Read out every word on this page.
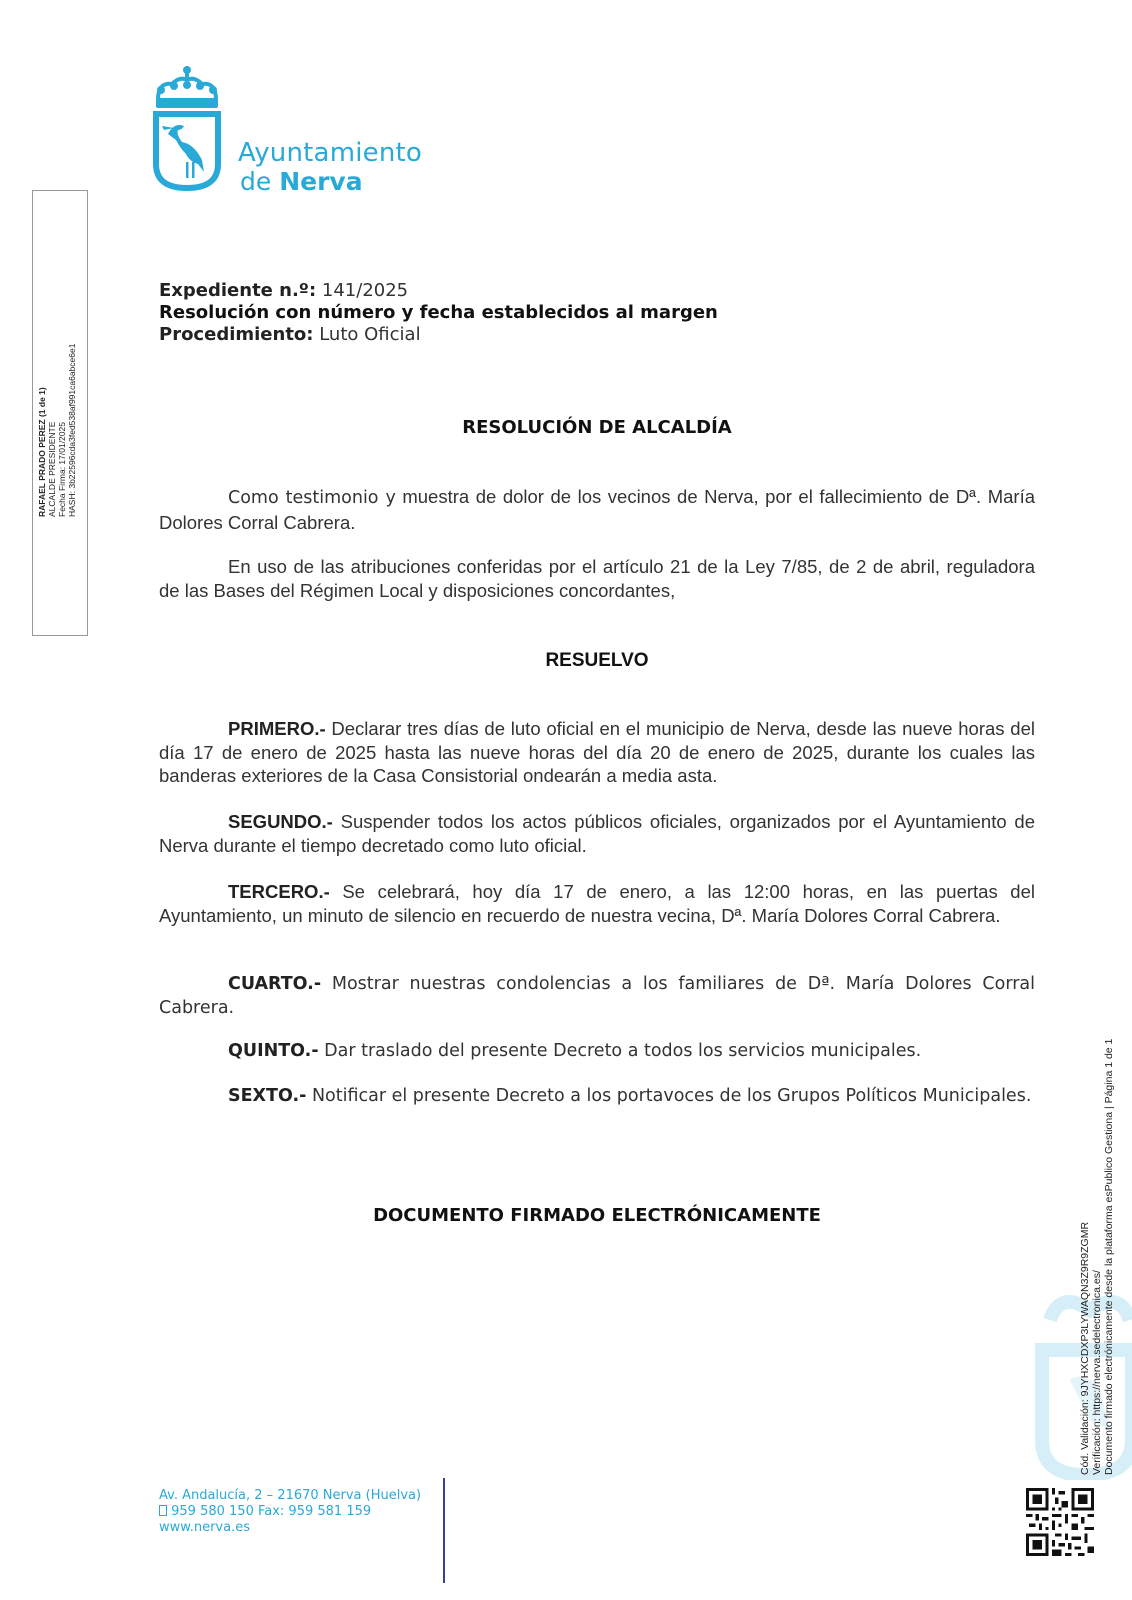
Ayuntamiento
de Nerva
RAFAEL PRADO PEREZ (1 de 1) ALCALDE PRESIDENTE Fecha Firma: 17/01/2025 HASH: 3b22596cda3fed538af991ca6abce6e1
Expediente n.º: 141/2025
Resolución con número y fecha establecidos al margen
Procedimiento: Luto Oficial
RESOLUCIÓN DE ALCALDÍA
Como testimonio y muestra de dolor de los vecinos de Nerva, por el fallecimiento de Dª. María Dolores Corral Cabrera.
En uso de las atribuciones conferidas por el artículo 21 de la Ley 7/85, de 2 de abril, reguladora de las Bases del Régimen Local y disposiciones concordantes,
RESUELVO
PRIMERO.- Declarar tres días de luto oficial en el municipio de Nerva, desde las nueve horas del día 17 de enero de 2025 hasta las nueve horas del día 20 de enero de 2025, durante los cuales las banderas exteriores de la Casa Consistorial ondearán a media asta.
SEGUNDO.- Suspender todos los actos públicos oficiales, organizados por el Ayuntamiento de Nerva durante el tiempo decretado como luto oficial.
TERCERO.- Se celebrará, hoy día 17 de enero, a las 12:00 horas, en las puertas del Ayuntamiento, un minuto de silencio en recuerdo de nuestra vecina, Dª. María Dolores Corral Cabrera.
CUARTO.- Mostrar nuestras condolencias a los familiares de Dª. María Dolores Corral Cabrera.
QUINTO.- Dar traslado del presente Decreto a todos los servicios municipales.
SEXTO.- Notificar el presente Decreto a los portavoces de los Grupos Políticos Municipales.
DOCUMENTO FIRMADO ELECTRÓNICAMENTE
Cód. Validación: 9JYHXCDXP3LYWAQN3Z9R9ZGMR Verificación: https://nerva.sedelectronica.es/ Documento firmado electrónicamente desde la plataforma esPublico Gestiona | Página 1 de 1
Av. Andalucía, 2 – 21670 Nerva (Huelva)
959 580 150 Fax: 959 581 159
www.nerva.es
